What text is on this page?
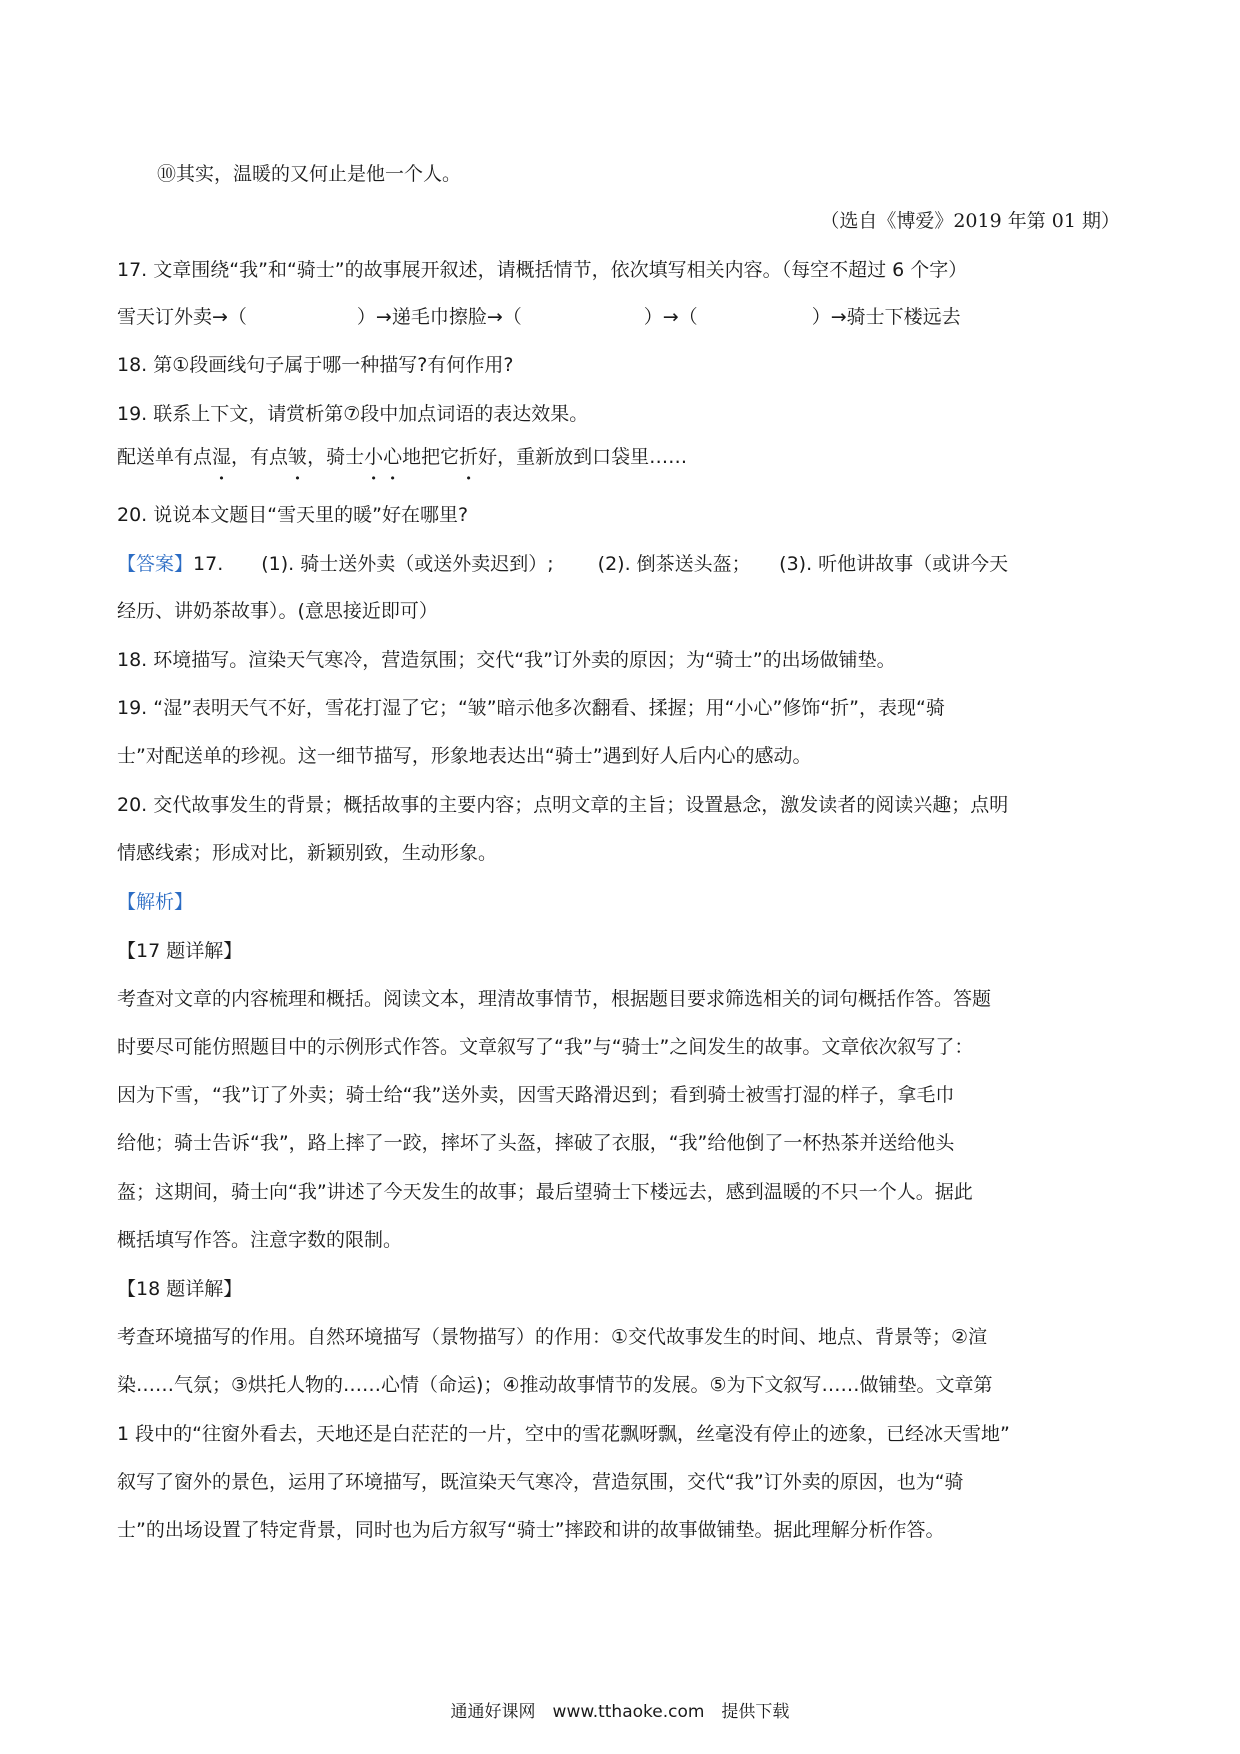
⑩其实，温暖的又何止是他一个人。
（选自《博爱》2019 年第 01 期）
17. 文章围绕“我”和“骑士”的故事展开叙述，请概括情节，依次填写相关内容。（每空不超过 6 个字）
雪天订外卖→（	）→递毛巾擦脸→（	）→（	）→骑士下楼远去
18. 第①段画线句子属于哪一种描写?有何作用?
19. 联系上下文，请赏析第⑦段中加点词语的表达效果。
配送单有点湿，有点皱，骑士小心地把它折好，重新放到口袋里……
20. 说说本文题目“雪天里的暖”好在哪里?
【答案】17.　　(1). 骑士送外卖（或送外卖迟到）;　　 (2). 倒茶送头盔；　　(3). 听他讲故事（或讲今天
经历、讲奶茶故事）。(意思接近即可）
18. 环境描写。渲染天气寒冷，营造氛围；交代“我”订外卖的原因；为“骑士”的出场做铺垫。
19. “湿”表明天气不好，雪花打湿了它；“皱”暗示他多次翻看、揉握；用“小心”修饰“折”，表现“骑
士”对配送单的珍视。这一细节描写，形象地表达出“骑士”遇到好人后内心的感动。
20. 交代故事发生的背景；概括故事的主要内容；点明文章的主旨；设置悬念，激发读者的阅读兴趣；点明
情感线索；形成对比，新颖别致，生动形象。
【解析】
【17 题详解】
考查对文章的内容梳理和概括。阅读文本，理清故事情节，根据题目要求筛选相关的词句概括作答。答题
时要尽可能仿照题目中的示例形式作答。文章叙写了“我”与“骑士”之间发生的故事。文章依次叙写了：
因为下雪，“我”订了外卖；骑士给“我”送外卖，因雪天路滑迟到；看到骑士被雪打湿的样子，拿毛巾
给他；骑士告诉“我”，路上摔了一跤，摔坏了头盔，摔破了衣服，“我”给他倒了一杯热茶并送给他头
盔；这期间，骑士向“我”讲述了今天发生的故事；最后望骑士下楼远去，感到温暖的不只一个人。据此
概括填写作答。注意字数的限制。
【18 题详解】
考查环境描写的作用。自然环境描写（景物描写）的作用：①交代故事发生的时间、地点、背景等；②渲
染……气氛；③烘托人物的……心情（命运)；④推动故事情节的发展。⑤为下文叙写……做铺垫。文章第
1 段中的“往窗外看去，天地还是白茫茫的一片，空中的雪花飘呀飘，丝毫没有停止的迹象，已经冰天雪地”
叙写了窗外的景色，运用了环境描写，既渲染天气寒冷，营造氛围，交代“我”订外卖的原因，也为“骑
士”的出场设置了特定背景，同时也为后方叙写“骑士”摔跤和讲的故事做铺垫。据此理解分析作答。
通通好课网　www.tthaoke.com　提供下载
